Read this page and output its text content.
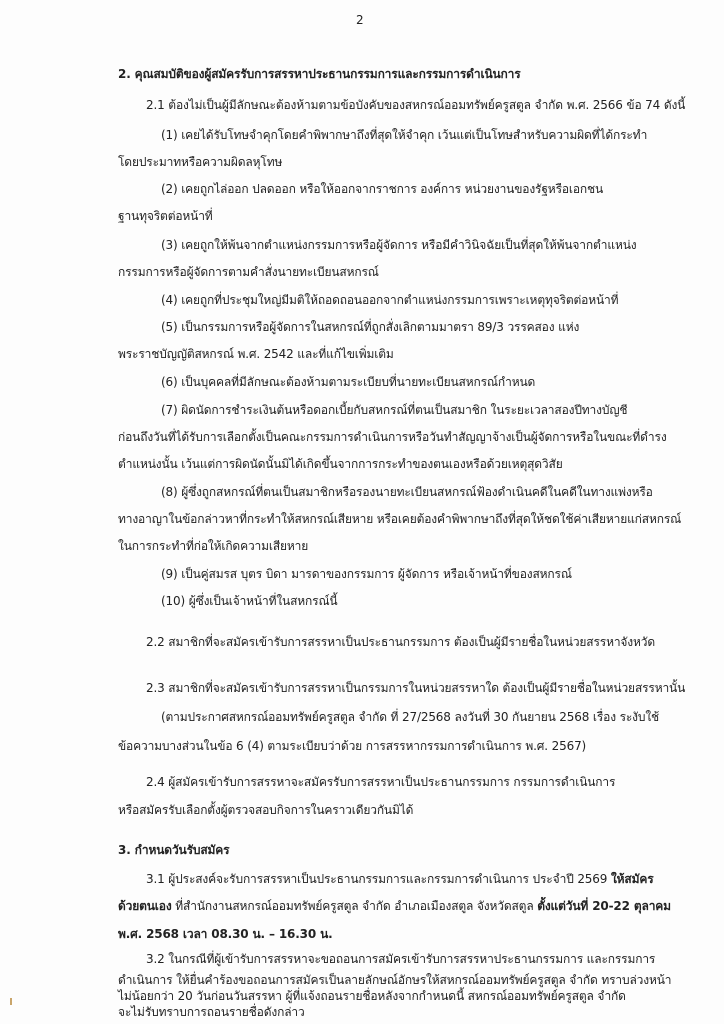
2
2. คุณสมบัติของผู้สมัครรับการสรรหาประธานกรรมการและกรรมการดำเนินการ
2.1 ต้องไม่เป็นผู้มีลักษณะต้องห้ามตามข้อบังคับของสหกรณ์ออมทรัพย์ครูสตูล จำกัด พ.ศ. 2566 ข้อ 74 ดังนี้
(1) เคยได้รับโทษจำคุกโดยคำพิพากษาถึงที่สุดให้จำคุก เว้นแต่เป็นโทษสำหรับความผิดที่ได้กระทำ
โดยประมาทหรือความผิดลหุโทษ
(2) เคยถูกไล่ออก ปลดออก หรือให้ออกจากราชการ องค์การ หน่วยงานของรัฐหรือเอกชน
ฐานทุจริตต่อหน้าที่
(3) เคยถูกให้พ้นจากตำแหน่งกรรมการหรือผู้จัดการ หรือมีคำวินิจฉัยเป็นที่สุดให้พ้นจากตำแหน่ง
กรรมการหรือผู้จัดการตามคำสั่งนายทะเบียนสหกรณ์
(4) เคยถูกที่ประชุมใหญ่มีมติให้ถอดถอนออกจากตำแหน่งกรรมการเพราะเหตุทุจริตต่อหน้าที่
(5) เป็นกรรมการหรือผู้จัดการในสหกรณ์ที่ถูกสั่งเลิกตามมาตรา 89/3 วรรคสอง แห่ง
พระราชบัญญัติสหกรณ์ พ.ศ. 2542 และที่แก้ไขเพิ่มเติม
(6) เป็นบุคคลที่มีลักษณะต้องห้ามตามระเบียบที่นายทะเบียนสหกรณ์กำหนด
(7) ผิดนัดการชำระเงินต้นหรือดอกเบี้ยกับสหกรณ์ที่ตนเป็นสมาชิก ในระยะเวลาสองปีทางบัญชี
ก่อนถึงวันที่ได้รับการเลือกตั้งเป็นคณะกรรมการดำเนินการหรือวันทำสัญญาจ้างเป็นผู้จัดการหรือในขณะที่ดำรง
ตำแหน่งนั้น เว้นแต่การผิดนัดนั้นมิได้เกิดขึ้นจากการกระทำของตนเองหรือด้วยเหตุสุดวิสัย
(8) ผู้ซึ่งถูกสหกรณ์ที่ตนเป็นสมาชิกหรือรองนายทะเบียนสหกรณ์ฟ้องดำเนินคดีในคดีในทางแพ่งหรือ
ทางอาญาในข้อกล่าวหาที่กระทำให้สหกรณ์เสียหาย หรือเคยต้องคำพิพากษาถึงที่สุดให้ชดใช้ค่าเสียหายแก่สหกรณ์
ในการกระทำที่ก่อให้เกิดความเสียหาย
(9) เป็นคู่สมรส บุตร บิดา มารดาของกรรมการ ผู้จัดการ หรือเจ้าหน้าที่ของสหกรณ์
(10) ผู้ซึ่งเป็นเจ้าหน้าที่ในสหกรณ์นี้
2.2 สมาชิกที่จะสมัครเข้ารับการสรรหาเป็นประธานกรรมการ ต้องเป็นผู้มีรายชื่อในหน่วยสรรหาจังหวัด
2.3 สมาชิกที่จะสมัครเข้ารับการสรรหาเป็นกรรมการในหน่วยสรรหาใด ต้องเป็นผู้มีรายชื่อในหน่วยสรรหานั้น
(ตามประกาศสหกรณ์ออมทรัพย์ครูสตูล จำกัด ที่ 27/2568 ลงวันที่ 30 กันยายน 2568 เรื่อง ระงับใช้
ข้อความบางส่วนในข้อ 6 (4) ตามระเบียบว่าด้วย การสรรหากรรมการดำเนินการ พ.ศ. 2567)
2.4 ผู้สมัครเข้ารับการสรรหาจะสมัครรับการสรรหาเป็นประธานกรรมการ กรรมการดำเนินการ
หรือสมัครรับเลือกตั้งผู้ตรวจสอบกิจการในคราวเดียวกันมิได้
3. กำหนดวันรับสมัคร
3.1 ผู้ประสงค์จะรับการสรรหาเป็นประธานกรรมการและกรรมการดำเนินการ ประจำปี 2569 ให้สมัคร
ด้วยตนเอง ที่สำนักงานสหกรณ์ออมทรัพย์ครูสตูล จำกัด อำเภอเมืองสตูล จังหวัดสตูล ตั้งแต่วันที่ 20-22 ตุลาคม
พ.ศ. 2568 เวลา 08.30 น. – 16.30 น.
3.2 ในกรณีที่ผู้เข้ารับการสรรหาจะขอถอนการสมัครเข้ารับการสรรหาประธานกรรมการ และกรรมการ
ดำเนินการ ให้ยื่นคำร้องขอถอนการสมัครเป็นลายลักษณ์อักษรให้สหกรณ์ออมทรัพย์ครูสตูล จำกัด ทราบล่วงหน้า
ไม่น้อยกว่า 20 วันก่อนวันสรรหา ผู้ที่แจ้งถอนรายชื่อหลังจากกำหนดนี้ สหกรณ์ออมทรัพย์ครูสตูล จำกัด
จะไม่รับทราบการถอนรายชื่อดังกล่าว
